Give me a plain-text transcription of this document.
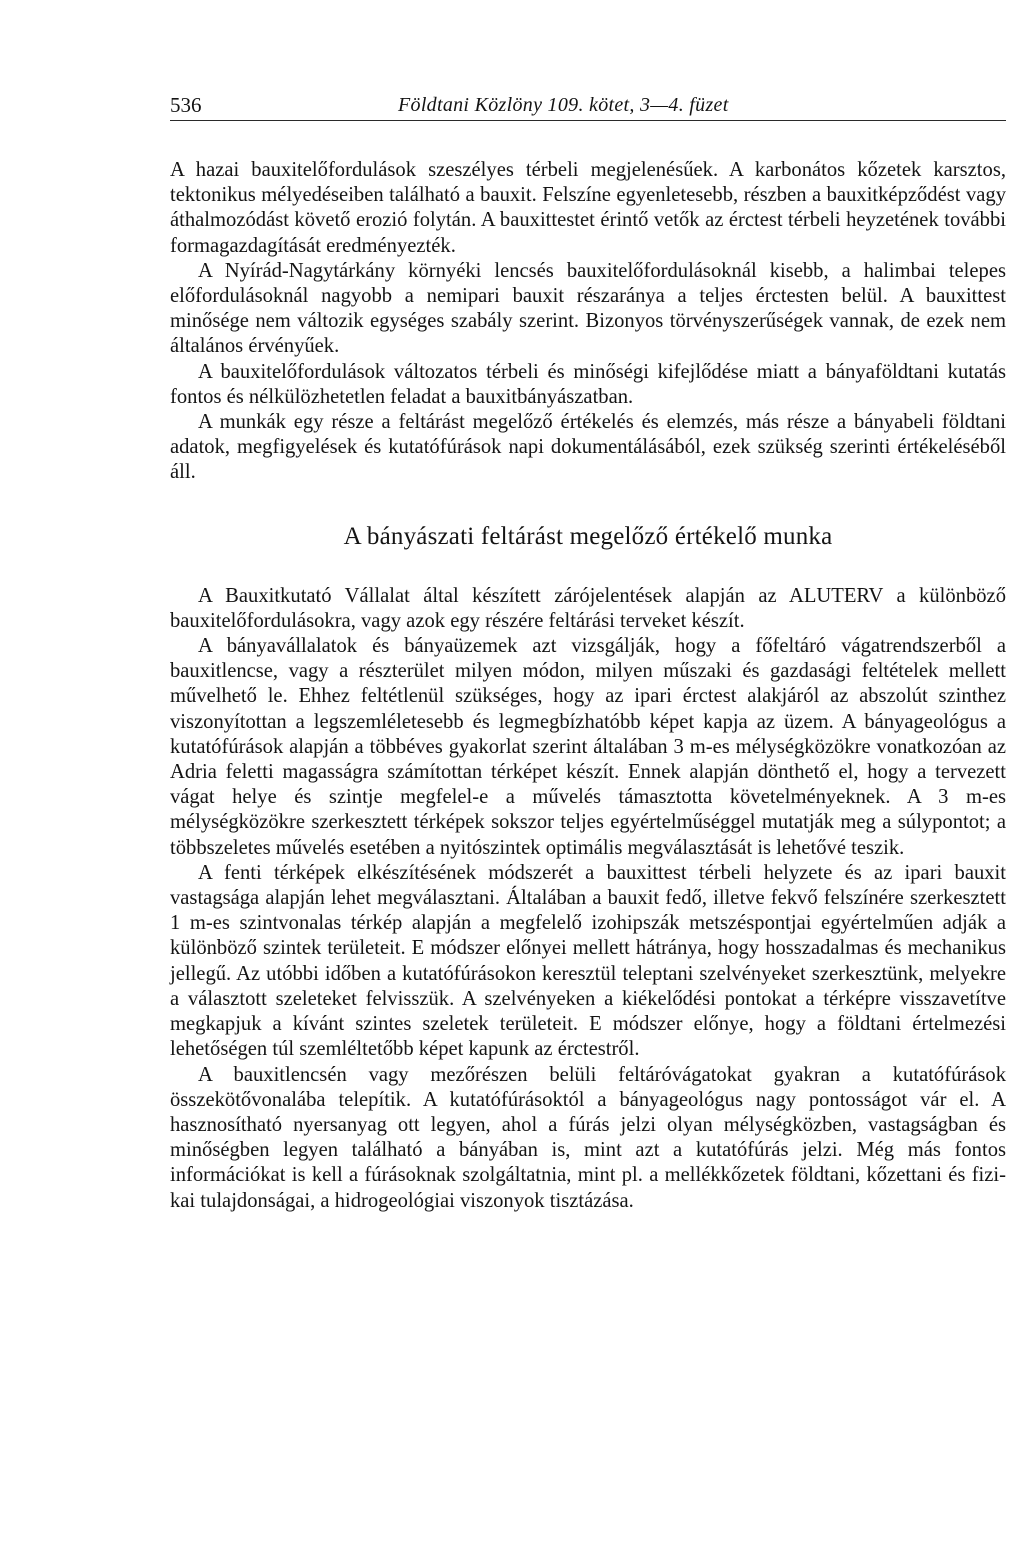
536	Földtani Közlöny 109. kötet, 3—4. füzet

A hazai bauxitelőfordulások szeszélyes térbeli megjelenésűek. A karbonátos kőzetek karsztos, tektonikus mélyedéseiben található a bauxit. Felszíne egyenletesebb, részben a bauxitképződést vagy áthalmozódást követő erozió folytán. A bauxittestet érintő vetők az érctest térbeli heyzetének további formagazdagítását eredményezték.

A Nyírád-Nagytárkány környéki lencsés bauxitelőfordulásoknál kisebb, a halimbai telepes előfordulásoknál nagyobb a nemipari bauxit részaránya a teljes érctesten belül. A bauxittest minősége nem változik egységes szabály szerint. Bizonyos törvényszerűségek vannak, de ezek nem általános érvényűek.

A bauxitelőfordulások változatos térbeli és minőségi kifejlődése miatt a bányaföldtani kutatás fontos és nélkülözhetetlen feladat a bauxitbányászatban.

A munkák egy része a feltárást megelőző értékelés és elemzés, más része a bányabeli földtani adatok, megfigyelések és kutatófúrások napi dokumentálásából, ezek szükség szerinti értékeléséből áll.

A bányászati feltárást megelőző értékelő munka

A Bauxitkutató Vállalat által készített zárójelentések alapján az ALUTERV a különböző bauxitelőfordulásokra, vagy azok egy részére feltárási terveket készít.

A bányavállalatok és bányaüzemek azt vizsgálják, hogy a főfeltáró vágatrendszerből a bauxitlencse, vagy a részterület milyen módon, milyen műszaki és gazdasági feltételek mellett művelhető le. Ehhez feltétlenül szükséges, hogy az ipari érctest alakjáról az abszolút szinthez viszonyítottan a legszemléletesebb és legmegbízhatóbb képet kapja az üzem. A bányageológus a kutatófúrások alapján a többéves gyakorlat szerint általában 3 m-es mélységközökre vonatkozóan az Adria feletti magasságra számítottan térképet készít. Ennek alapján dönthető el, hogy a tervezett vágat helye és szintje megfelel-e a művelés támasztotta követelményeknek. A 3 m-es mélységközökre szerkesztett térképek sokszor teljes egyértelműséggel mutatják meg a súlypontot; a többszeletes művelés esetében a nyitószintek optimális megválasztását is lehetővé teszik.

A fenti térképek elkészítésének módszerét a bauxittest térbeli helyzete és az ipari bauxit vastagsága alapján lehet megválasztani. Általában a bauxit fedő, illetve fekvő felszínére szerkesztett 1 m-es szintvonalas térkép alapján a megfelelő izohipszák metszéspontjai egyértelműen adják a különböző szintek területeit. E módszer előnyei mellett hátránya, hogy hosszadalmas és mechanikus jellegű. Az utóbbi időben a kutatófúrásokon keresztül teleptani szelvényeket szerkesztünk, melyekre a választott szeleteket felvisszük. A szelvényeken a kiékelődési pontokat a térképre visszavetítve megkapjuk a kívánt szintes szeletek területeit. E módszer előnye, hogy a földtani értelmezési lehetőségen túl szemléltetőbb képet kapunk az érctestről.

A bauxitlencsén vagy mezőrészen belüli feltáróvágatokat gyakran a kutatófúrások összekötővonalába telepítik. A kutatófúrásoktól a bányageológus nagy pontosságot vár el. A hasznosítható nyersanyag ott legyen, ahol a fúrás jelzi olyan mélységközben, vastagságban és minőségben legyen található a bányában is, mint azt a kutatófúrás jelzi. Még más fontos információkat is kell a fúrásoknak szolgáltatnia, mint pl. a mellékkőzetek földtani, kőzettani és fizikai tulajdonságai, a hidrogeológiai viszonyok tisztázása.
